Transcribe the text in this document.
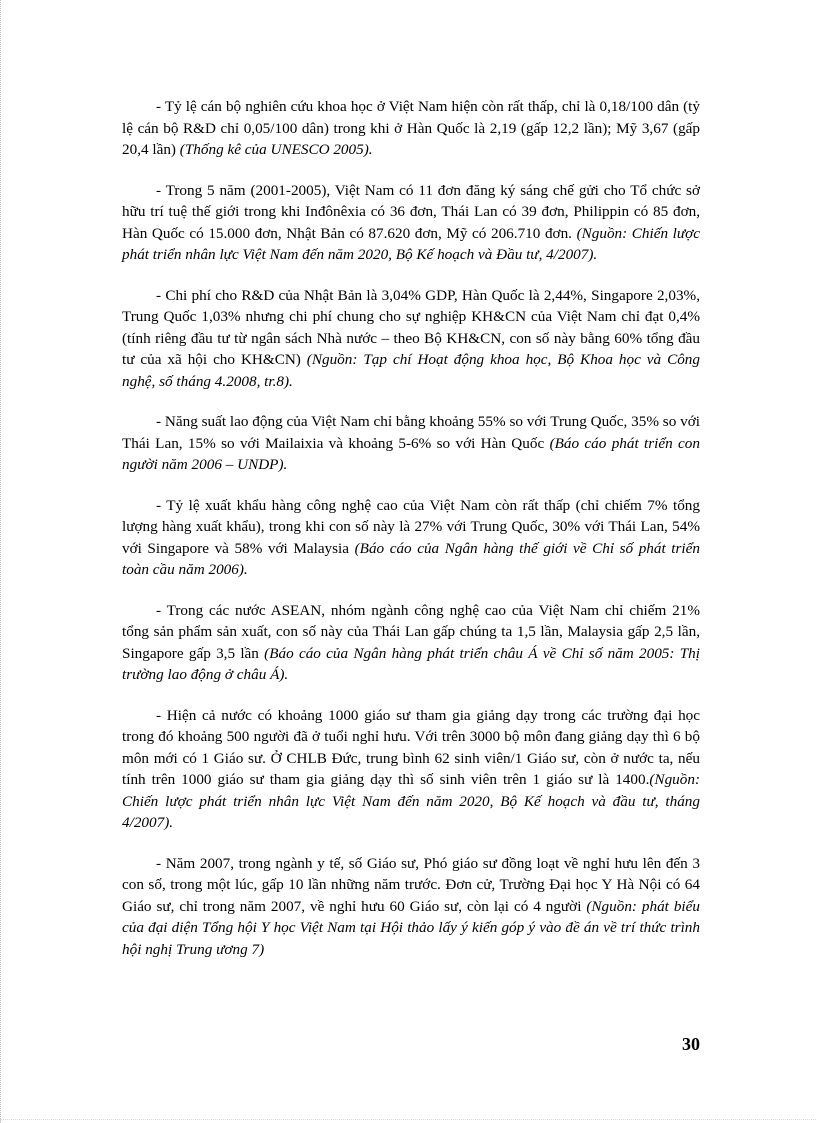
- Tỷ lệ cán bộ nghiên cứu khoa học ở Việt Nam hiện còn rất thấp, chỉ là 0,18/100 dân (tỷ lệ cán bộ R&D chỉ 0,05/100 dân) trong khi ở Hàn Quốc là 2,19 (gấp 12,2 lần); Mỹ 3,67 (gấp 20,4 lần) (Thống kê của UNESCO 2005).

- Trong 5 năm (2001-2005), Việt Nam có 11 đơn đăng ký sáng chế gửi cho Tổ chức sở hữu trí tuệ thế giới trong khi Inđônêxia có 36 đơn, Thái Lan có 39 đơn, Philippin có 85 đơn, Hàn Quốc có 15.000 đơn, Nhật Bản có 87.620 đơn, Mỹ có 206.710 đơn. (Nguồn: Chiến lược phát triển nhân lực Việt Nam đến năm 2020, Bộ Kế hoạch và Đầu tư, 4/2007).

- Chi phí cho R&D của Nhật Bản là 3,04% GDP, Hàn Quốc là 2,44%, Singapore 2,03%, Trung Quốc 1,03% nhưng chi phí chung cho sự nghiệp KH&CN của Việt Nam chỉ đạt 0,4% (tính riêng đầu tư từ ngân sách Nhà nước – theo Bộ KH&CN, con số này bằng 60% tổng đầu tư của xã hội cho KH&CN) (Nguồn: Tạp chí Hoạt động khoa học, Bộ Khoa học và Công nghệ, số tháng 4.2008, tr.8).

- Năng suất lao động của Việt Nam chỉ bằng khoảng 55% so với Trung Quốc, 35% so với Thái Lan, 15% so với Mailaixia và khoảng 5-6% so với Hàn Quốc (Báo cáo phát triển con người năm 2006 – UNDP).

- Tỷ lệ xuất khẩu hàng công nghệ cao của Việt Nam còn rất thấp (chỉ chiếm 7% tổng lượng hàng xuất khẩu), trong khi con số này là 27% với Trung Quốc, 30% với Thái Lan, 54% với Singapore và 58% với Malaysia (Báo cáo của Ngân hàng thế giới về Chỉ số phát triển toàn cầu năm 2006).

- Trong các nước ASEAN, nhóm ngành công nghệ cao của Việt Nam chỉ chiếm 21% tổng sản phẩm sản xuất, con số này của Thái Lan gấp chúng ta 1,5 lần, Malaysia gấp 2,5 lần, Singapore gấp 3,5 lần (Báo cáo của Ngân hàng phát triển châu Á về Chỉ số năm 2005: Thị trường lao động ở châu Á).

- Hiện cả nước có khoảng 1000 giáo sư tham gia giảng dạy trong các trường đại học trong đó khoảng 500 người đã ở tuổi nghỉ hưu. Với trên 3000 bộ môn đang giảng dạy thì 6 bộ môn mới có 1 Giáo sư. Ở CHLB Đức, trung bình 62 sinh viên/1 Giáo sư, còn ở nước ta, nếu tính trên 1000 giáo sư tham gia giảng dạy thì số sinh viên trên 1 giáo sư là 1400.(Nguồn: Chiến lược phát triển nhân lực Việt Nam đến năm 2020, Bộ Kế hoạch và đầu tư, tháng 4/2007).

- Năm 2007, trong ngành y tế, số Giáo sư, Phó giáo sư đồng loạt về nghỉ hưu lên đến 3 con số, trong một lúc, gấp 10 lần những năm trước. Đơn cử, Trường Đại học Y Hà Nội có 64 Giáo sư, chỉ trong năm 2007, về nghỉ hưu 60 Giáo sư, còn lại có 4 người (Nguồn: phát biểu của đại diện Tổng hội Y học Việt Nam tại Hội thảo lấy ý kiến góp ý vào đề án về trí thức trình hội nghị Trung ương 7)

30
